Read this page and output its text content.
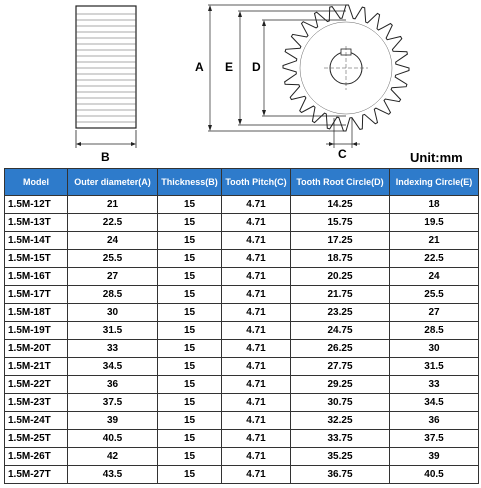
A E D
B	C	Unit:mm
Model	Outer diameter(A)	Thickness(B)	Tooth Pitch(C)	Tooth Root Circle(D)	Indexing Circle(E)
1.5M-12T	21	15	4.71	14.25	18
1.5M-13T	22.5	15	4.71	15.75	19.5
1.5M-14T	24	15	4.71	17.25	21
1.5M-15T	25.5	15	4.71	18.75	22.5
1.5M-16T	27	15	4.71	20.25	24
1.5M-17T	28.5	15	4.71	21.75	25.5
1.5M-18T	30	15	4.71	23.25	27
1.5M-19T	31.5	15	4.71	24.75	28.5
1.5M-20T	33	15	4.71	26.25	30
1.5M-21T	34.5	15	4.71	27.75	31.5
1.5M-22T	36	15	4.71	29.25	33
1.5M-23T	37.5	15	4.71	30.75	34.5
1.5M-24T	39	15	4.71	32.25	36
1.5M-25T	40.5	15	4.71	33.75	37.5
1.5M-26T	42	15	4.71	35.25	39
1.5M-27T	43.5	15	4.71	36.75	40.5
